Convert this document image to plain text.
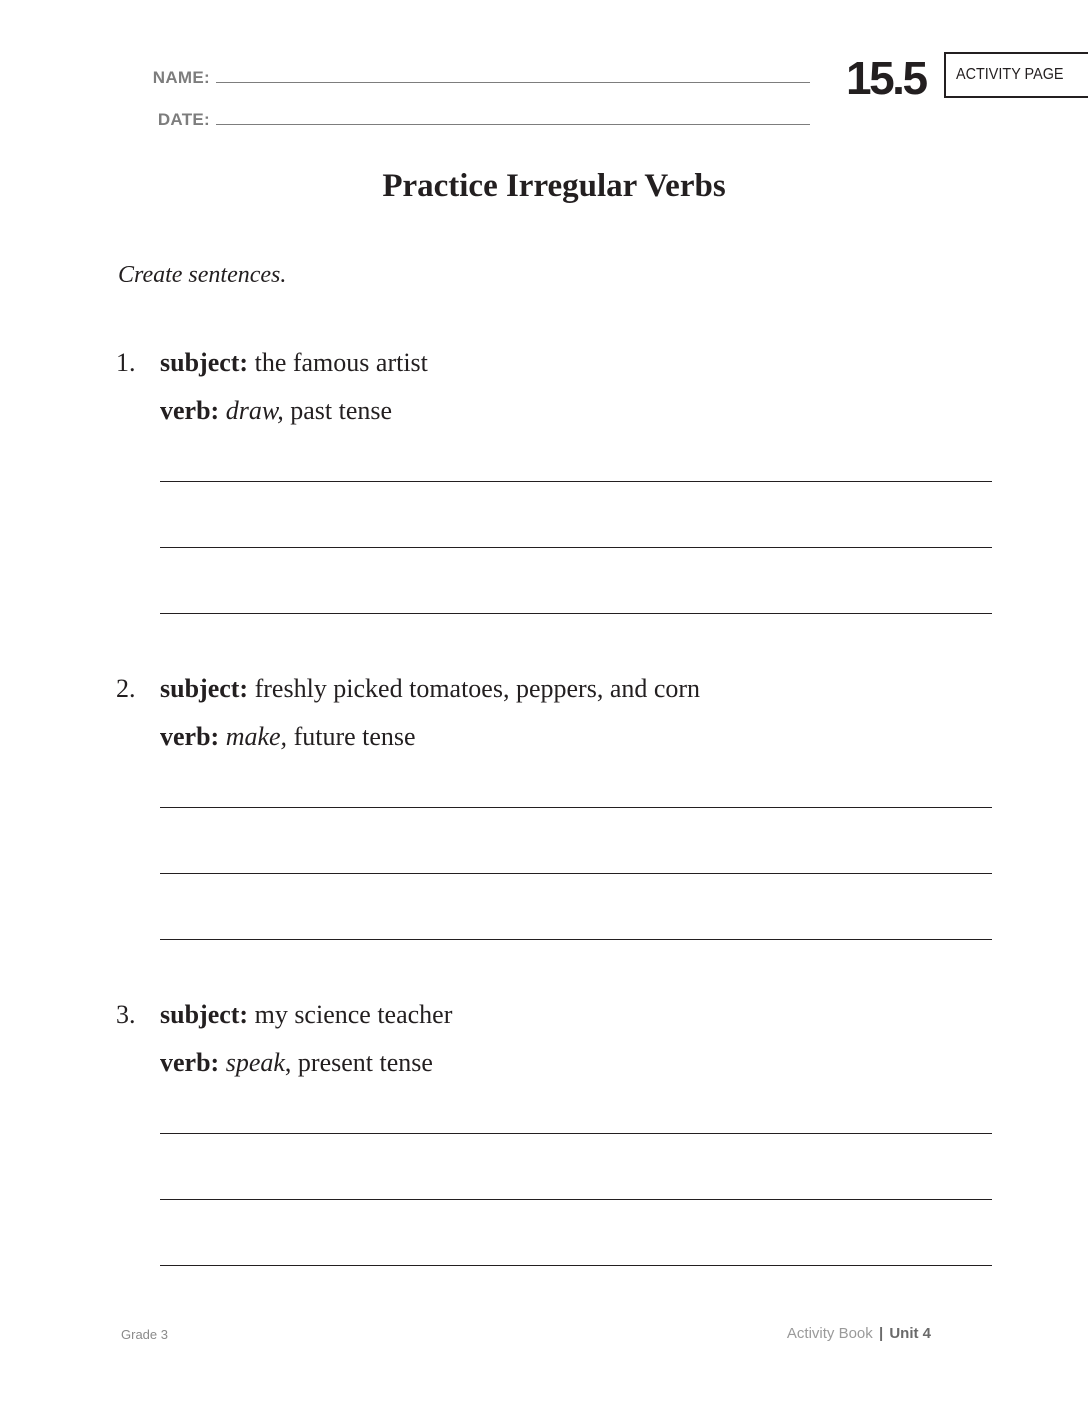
NAME:
DATE:
15.5 ACTIVITY PAGE
Practice Irregular Verbs
Create sentences.
1. subject: the famous artist
verb: draw, past tense
2. subject: freshly picked tomatoes, peppers, and corn
verb: make, future tense
3. subject: my science teacher
verb: speak, present tense
Grade 3	Activity Book | Unit 4
